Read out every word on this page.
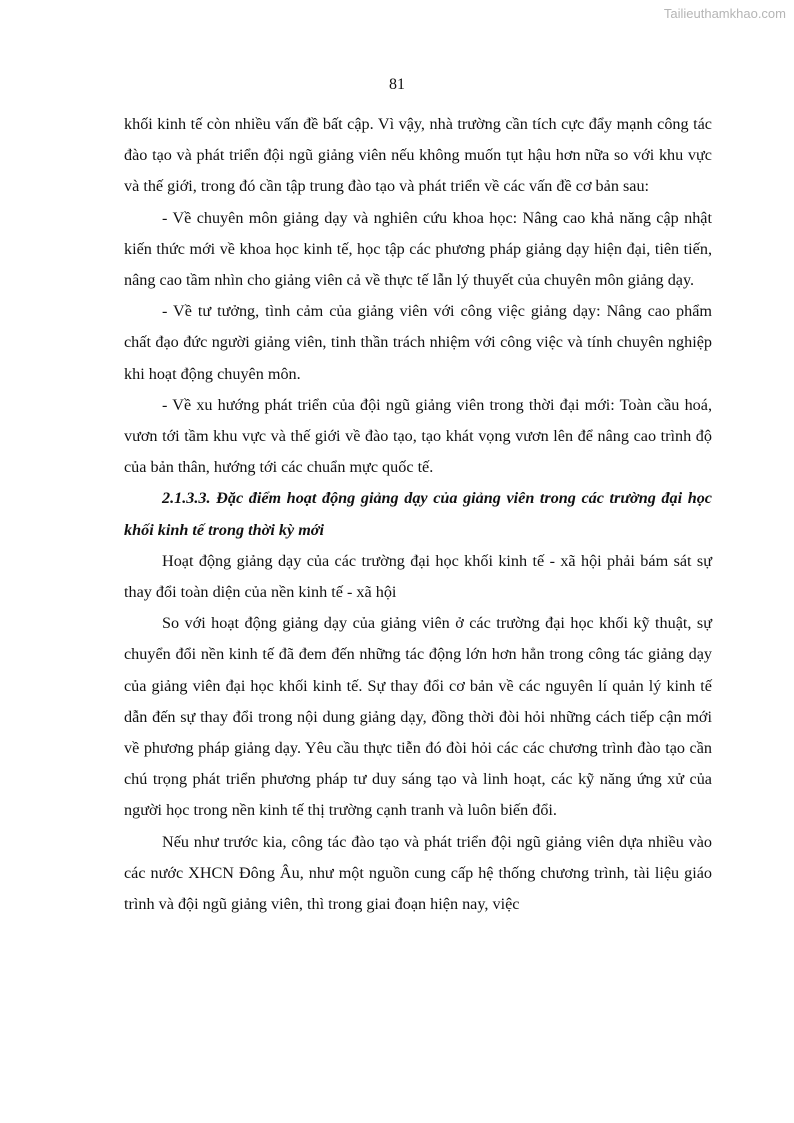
Tailieuthamkhao.com
81

khối kinh tế còn nhiều vấn đề bất cập. Vì vậy, nhà trường cần tích cực đẩy mạnh công tác đào tạo và phát triển đội ngũ giảng viên nếu không muốn tụt hậu hơn nữa so với khu vực và thế giới, trong đó cần tập trung đào tạo và phát triển về các vấn đề cơ bản sau:

- Về chuyên môn giảng dạy và nghiên cứu khoa học: Nâng cao khả năng cập nhật kiến thức mới về khoa học kinh tế, học tập các phương pháp giảng dạy hiện đại, tiên tiến, nâng cao tầm nhìn cho giảng viên cả về thực tế lẫn lý thuyết của chuyên môn giảng dạy.

- Về tư tưởng, tình cảm của giảng viên với công việc giảng dạy: Nâng cao phẩm chất đạo đức người giảng viên, tinh thần trách nhiệm với công việc và tính chuyên nghiệp khi hoạt động chuyên môn.

- Về xu hướng phát triển của đội ngũ giảng viên trong thời đại mới: Toàn cầu hoá, vươn tới tầm khu vực và thế giới về đào tạo, tạo khát vọng vươn lên để nâng cao trình độ của bản thân, hướng tới các chuẩn mực quốc tế.

2.1.3.3. Đặc điểm hoạt động giảng dạy của giảng viên trong các trường đại học khối kinh tế trong thời kỳ mới

Hoạt động giảng dạy của các trường đại học khối kinh tế - xã hội phải bám sát sự thay đổi toàn diện của nền kinh tế - xã hội

So với hoạt động giảng dạy của giảng viên ở các trường đại học khối kỹ thuật, sự chuyển đổi nền kinh tế đã đem đến những tác động lớn hơn hẳn trong công tác giảng dạy của giảng viên đại học khối kinh tế. Sự thay đổi cơ bản về các nguyên lí quản lý kinh tế dẫn đến sự thay đổi trong nội dung giảng dạy, đồng thời đòi hỏi những cách tiếp cận mới về phương pháp giảng dạy. Yêu cầu thực tiễn đó đòi hỏi các các chương trình đào tạo cần chú trọng phát triển phương pháp tư duy sáng tạo và linh hoạt, các kỹ năng ứng xử của người học trong nền kinh tế thị trường cạnh tranh và luôn biến đổi.

Nếu như trước kia, công tác đào tạo và phát triển đội ngũ giảng viên dựa nhiều vào các nước XHCN Đông Âu, như một nguồn cung cấp hệ thống chương trình, tài liệu giáo trình và đội ngũ giảng viên, thì trong giai đoạn hiện nay, việc
